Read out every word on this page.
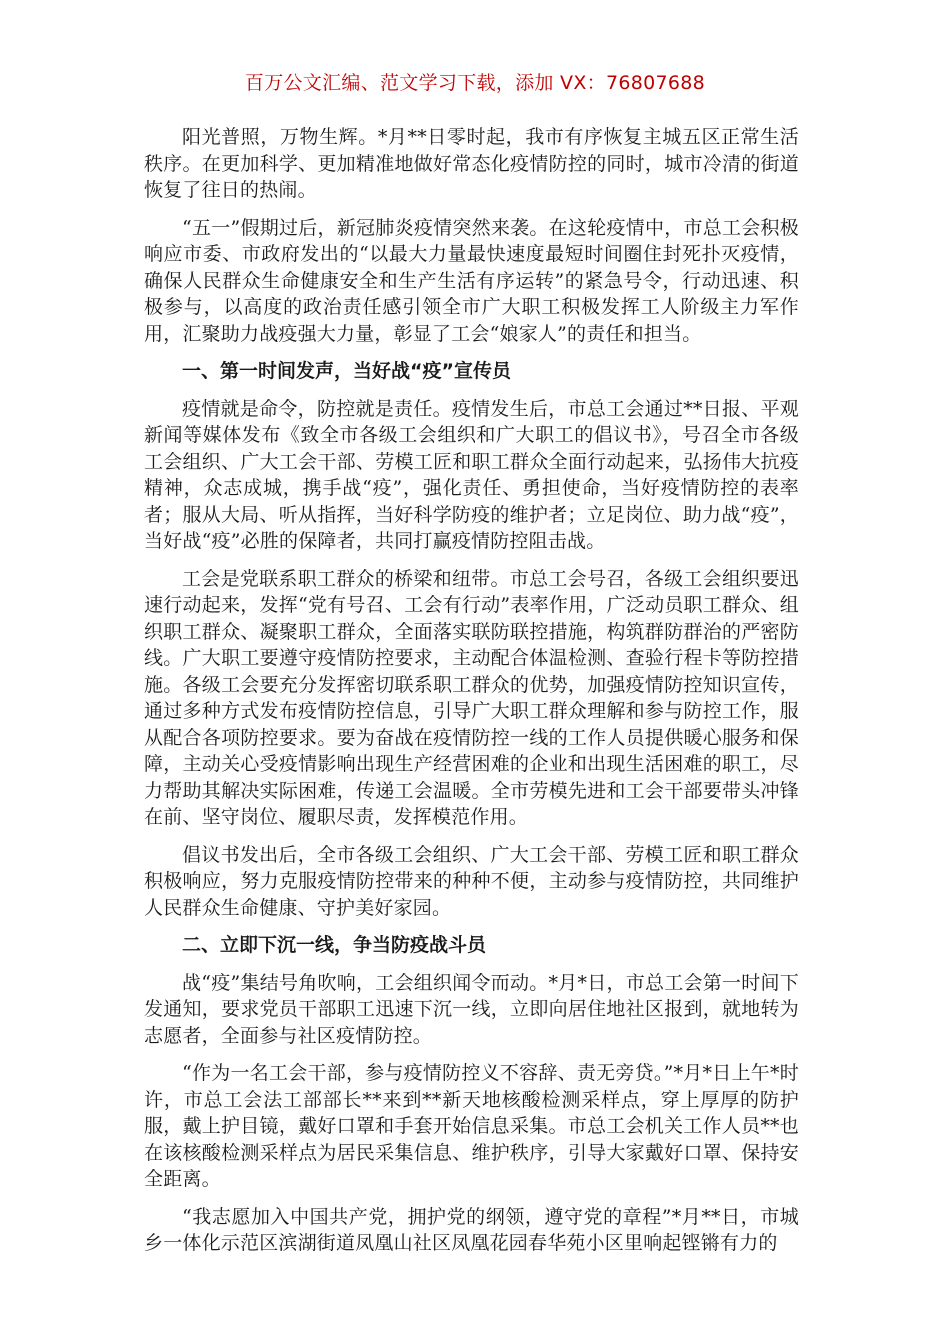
百万公文汇编、范文学习下载，添加 VX：76807688

阳光普照，万物生辉。*月**日零时起，我市有序恢复主城五区正常生活秩序。在更加科学、更加精准地做好常态化疫情防控的同时，城市冷清的街道恢复了往日的热闹。

“五一”假期过后，新冠肺炎疫情突然来袭。在这轮疫情中，市总工会积极响应市委、市政府发出的“以最大力量最快速度最短时间圈住封死扑灭疫情，确保人民群众生命健康安全和生产生活有序运转”的紧急号令，行动迅速、积极参与，以高度的政治责任感引领全市广大职工积极发挥工人阶级主力军作用，汇聚助力战疫强大力量，彰显了工会“娘家人”的责任和担当。

一、第一时间发声，当好战“疫”宣传员

疫情就是命令，防控就是责任。疫情发生后，市总工会通过**日报、平观新闻等媒体发布《致全市各级工会组织和广大职工的倡议书》，号召全市各级工会组织、广大工会干部、劳模工匠和职工群众全面行动起来，弘扬伟大抗疫精神，众志成城，携手战“疫”，强化责任、勇担使命，当好疫情防控的表率者；服从大局、听从指挥，当好科学防疫的维护者；立足岗位、助力战“疫”，当好战“疫”必胜的保障者，共同打赢疫情防控阻击战。

工会是党联系职工群众的桥梁和纽带。市总工会号召，各级工会组织要迅速行动起来，发挥“党有号召、工会有行动”表率作用，广泛动员职工群众、组织职工群众、凝聚职工群众，全面落实联防联控措施，构筑群防群治的严密防线。广大职工要遵守疫情防控要求，主动配合体温检测、查验行程卡等防控措施。各级工会要充分发挥密切联系职工群众的优势，加强疫情防控知识宣传，通过多种方式发布疫情防控信息，引导广大职工群众理解和参与防控工作，服从配合各项防控要求。要为奋战在疫情防控一线的工作人员提供暖心服务和保障，主动关心受疫情影响出现生产经营困难的企业和出现生活困难的职工，尽力帮助其解决实际困难，传递工会温暖。全市劳模先进和工会干部要带头冲锋在前、坚守岗位、履职尽责，发挥模范作用。

倡议书发出后，全市各级工会组织、广大工会干部、劳模工匠和职工群众积极响应，努力克服疫情防控带来的种种不便，主动参与疫情防控，共同维护人民群众生命健康、守护美好家园。

二、立即下沉一线，争当防疫战斗员

战“疫”集结号角吹响，工会组织闻令而动。*月*日，市总工会第一时间下发通知，要求党员干部职工迅速下沉一线，立即向居住地社区报到，就地转为志愿者，全面参与社区疫情防控。

“作为一名工会干部，参与疫情防控义不容辞、责无旁贷。”*月*日上午*时许，市总工会法工部部长**来到**新天地核酸检测采样点，穿上厚厚的防护服，戴上护目镜，戴好口罩和手套开始信息采集。市总工会机关工作人员**也在该核酸检测采样点为居民采集信息、维护秩序，引导大家戴好口罩、保持安全距离。

“我志愿加入中国共产党，拥护党的纲领，遵守党的章程”*月**日，市城乡一体化示范区滨湖街道凤凰山社区凤凰花园春华苑小区里响起铿锵有力的
